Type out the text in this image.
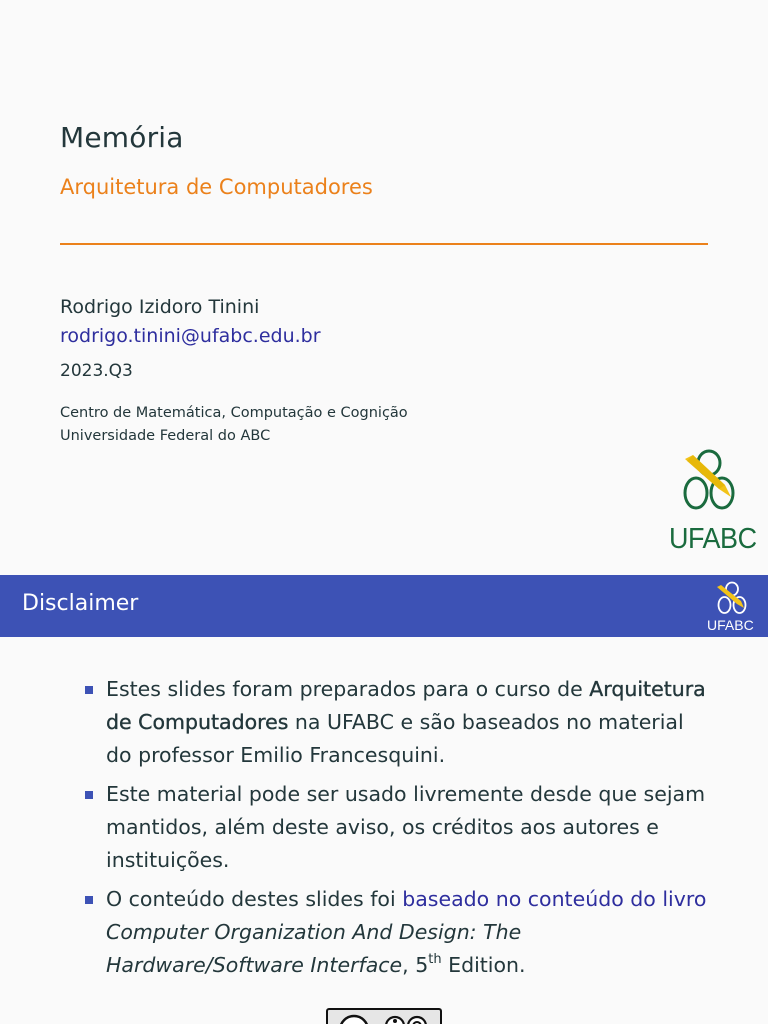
Memória
Arquitetura de Computadores
Rodrigo Izidoro Tinini
rodrigo.tinini@ufabc.edu.br
2023.Q3
Centro de Matemática, Computação e Cognição
Universidade Federal do ABC
UFABC
Disclaimer
UFABC
Estes slides foram preparados para o curso de Arquitetura de Computadores na UFABC e são baseados no material do professor Emilio Francesquini.
Este material pode ser usado livremente desde que sejam mantidos, além deste aviso, os créditos aos autores e instituições.
O conteúdo destes slides foi baseado no conteúdo do livro Computer Organization And Design: The Hardware/Software Interface, 5th Edition.
